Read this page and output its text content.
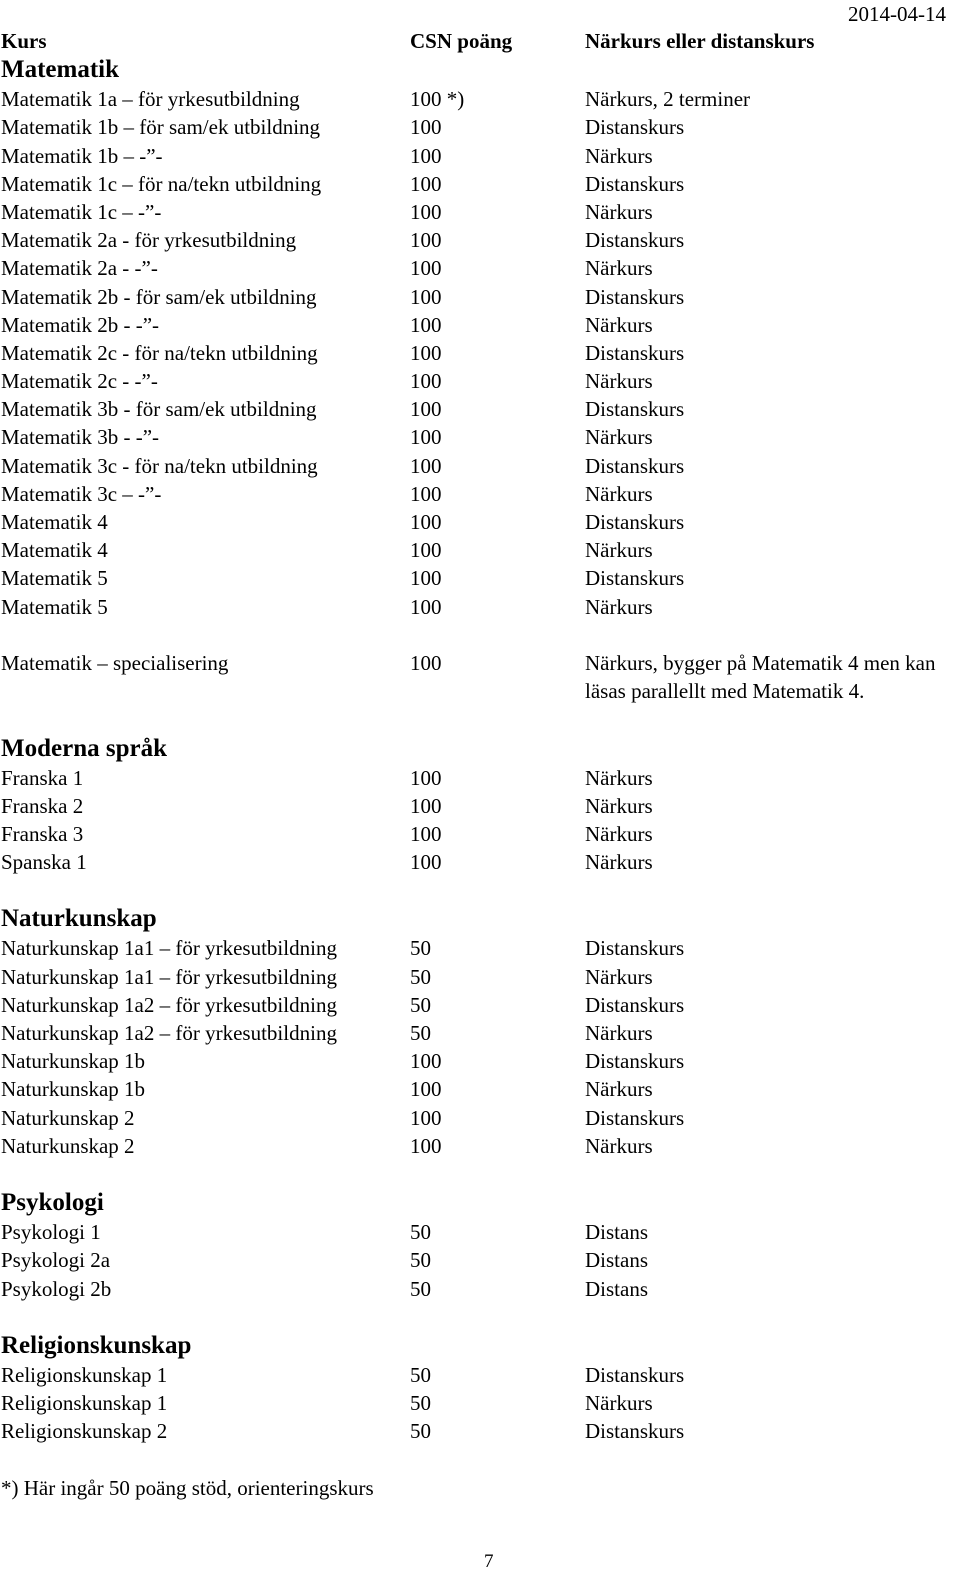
2014-04-14
Kurs	CSN poäng	Närkurs eller distanskurs
Matematik
Matematik 1a – för yrkesutbildning	100 *)	Närkurs, 2 terminer
Matematik 1b – för sam/ek utbildning	100	Distanskurs
Matematik 1b – -”-	100	Närkurs
Matematik 1c – för na/tekn utbildning	100	Distanskurs
Matematik 1c – -”-	100	Närkurs
Matematik 2a - för yrkesutbildning	100	Distanskurs
Matematik 2a - -”-	100	Närkurs
Matematik 2b - för sam/ek utbildning	100	Distanskurs
Matematik 2b - -”-	100	Närkurs
Matematik 2c - för na/tekn utbildning	100	Distanskurs
Matematik 2c - -”-	100	Närkurs
Matematik 3b - för sam/ek utbildning	100	Distanskurs
Matematik 3b - -”-	100	Närkurs
Matematik 3c - för na/tekn utbildning	100	Distanskurs
Matematik 3c – -”-	100	Närkurs
Matematik 4	100	Distanskurs
Matematik 4	100	Närkurs
Matematik 5	100	Distanskurs
Matematik 5	100	Närkurs
Matematik – specialisering	100	Närkurs, bygger på Matematik 4 men kan läsas parallellt med Matematik 4.
Moderna språk
Franska 1	100	Närkurs
Franska 2	100	Närkurs
Franska 3	100	Närkurs
Spanska 1	100	Närkurs
Naturkunskap
Naturkunskap 1a1 – för yrkesutbildning	50	Distanskurs
Naturkunskap 1a1 – för yrkesutbildning	50	Närkurs
Naturkunskap 1a2 – för yrkesutbildning	50	Distanskurs
Naturkunskap 1a2 – för yrkesutbildning	50	Närkurs
Naturkunskap 1b	100	Distanskurs
Naturkunskap 1b	100	Närkurs
Naturkunskap 2	100	Distanskurs
Naturkunskap 2	100	Närkurs
Psykologi
Psykologi 1	50	Distans
Psykologi 2a	50	Distans
Psykologi 2b	50	Distans
Religionskunskap
Religionskunskap 1	50	Distanskurs
Religionskunskap 1	50	Närkurs
Religionskunskap 2	50	Distanskurs
*) Här ingår 50 poäng stöd, orienteringskurs
7
